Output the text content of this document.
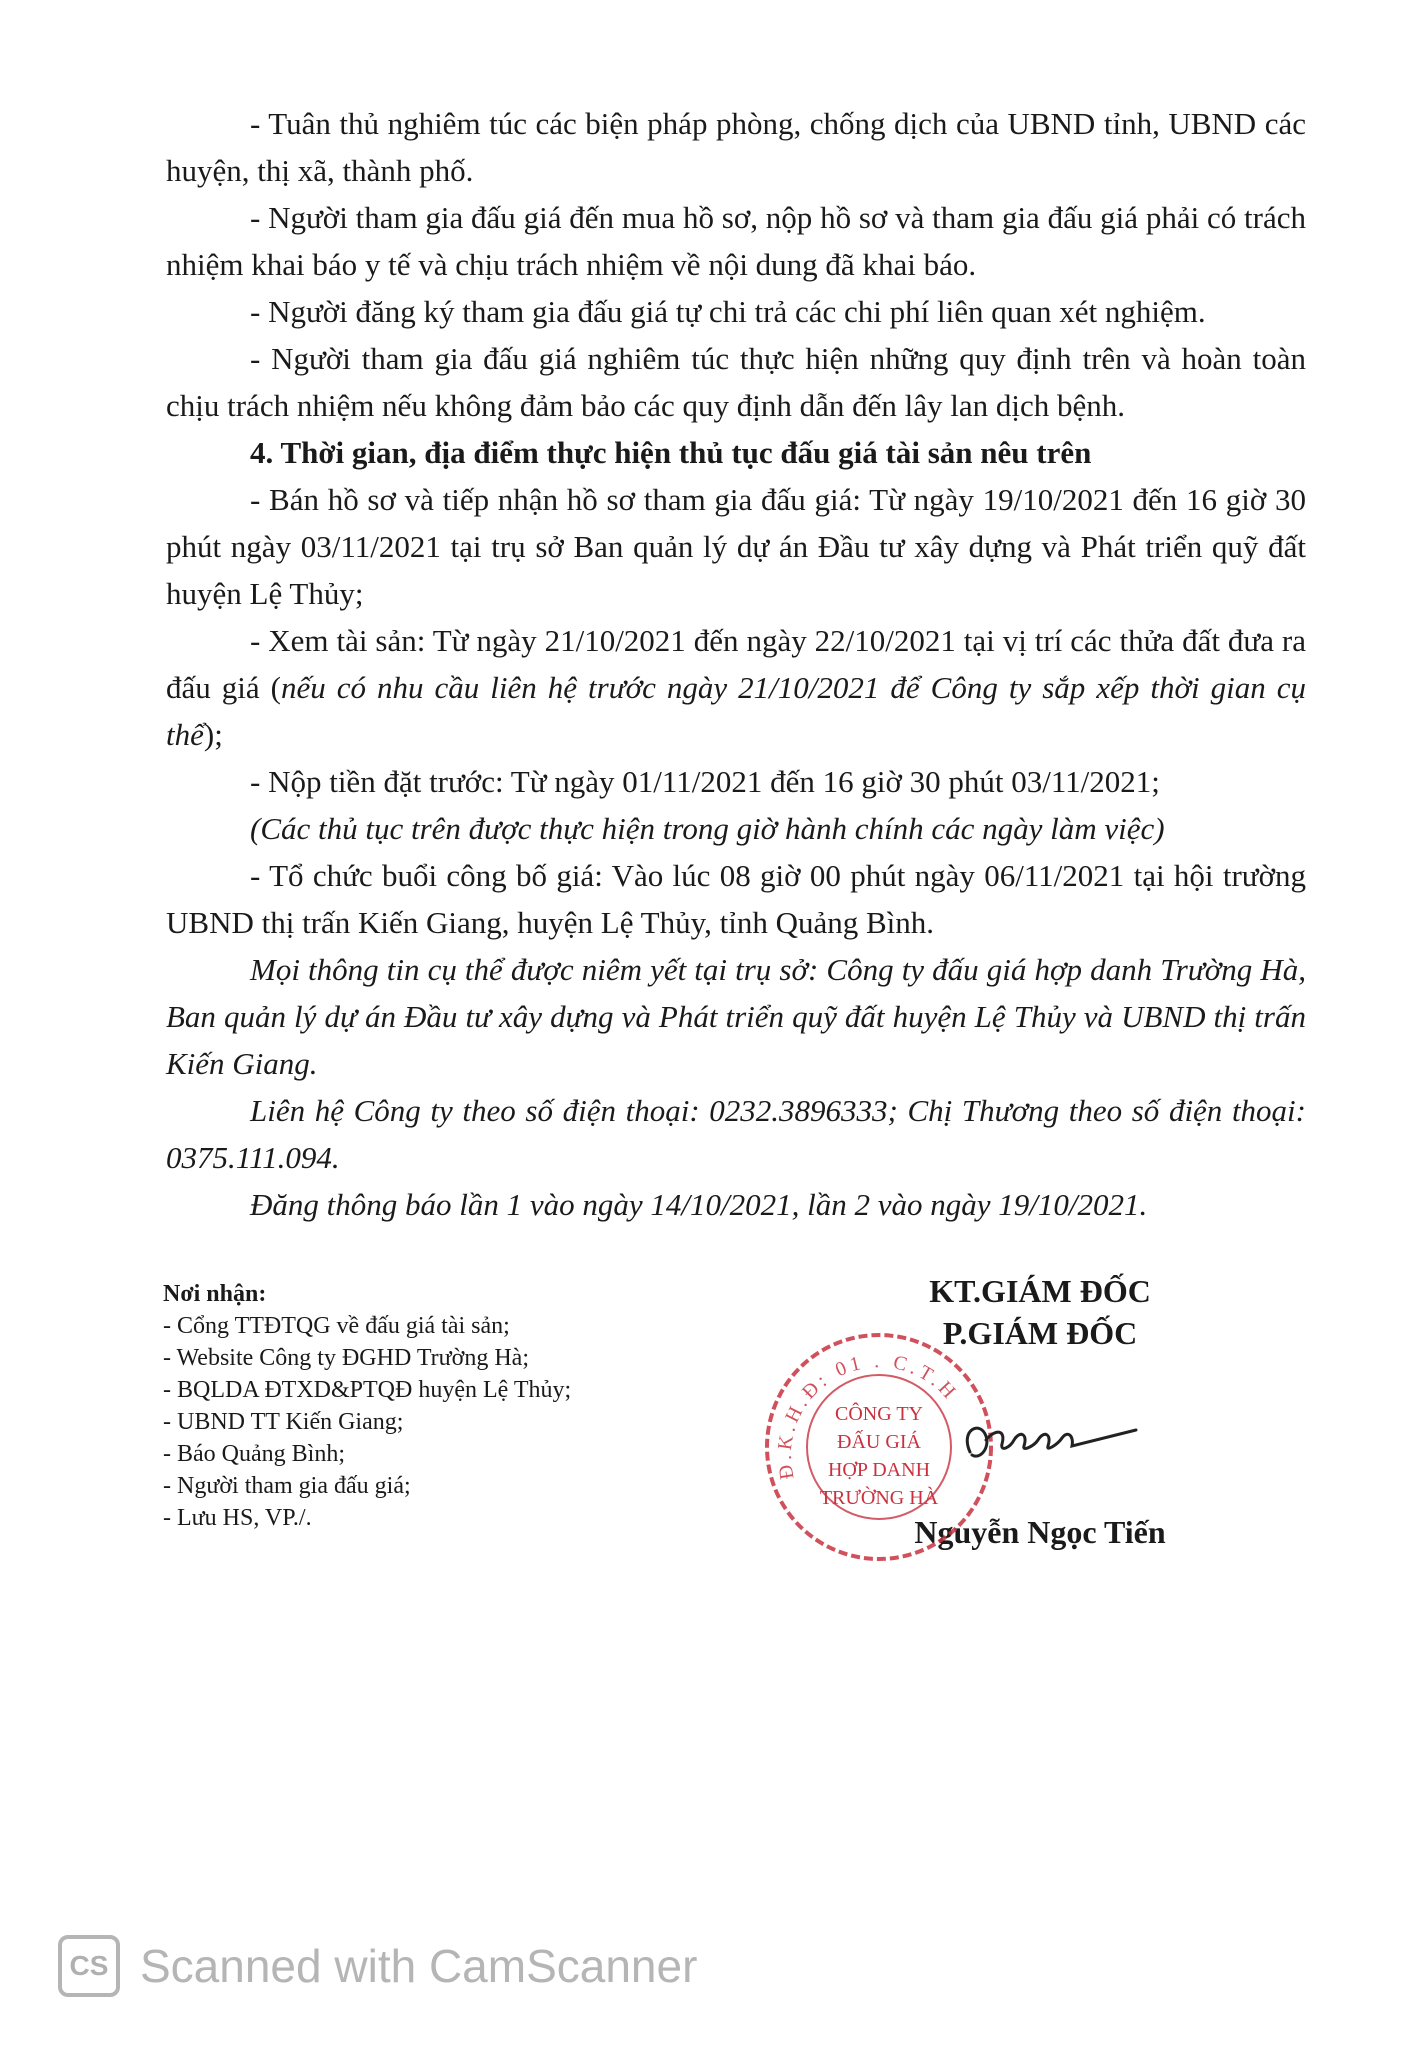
- Tuân thủ nghiêm túc các biện pháp phòng, chống dịch của UBND tỉnh, UBND các huyện, thị xã, thành phố.

- Người tham gia đấu giá đến mua hồ sơ, nộp hồ sơ và tham gia đấu giá phải có trách nhiệm khai báo y tế và chịu trách nhiệm về nội dung đã khai báo.

- Người đăng ký tham gia đấu giá tự chi trả các chi phí liên quan xét nghiệm.

- Người tham gia đấu giá nghiêm túc thực hiện những quy định trên và hoàn toàn chịu trách nhiệm nếu không đảm bảo các quy định dẫn đến lây lan dịch bệnh.

4. Thời gian, địa điểm thực hiện thủ tục đấu giá tài sản nêu trên

- Bán hồ sơ và tiếp nhận hồ sơ tham gia đấu giá: Từ ngày 19/10/2021 đến 16 giờ 30 phút ngày 03/11/2021 tại trụ sở Ban quản lý dự án Đầu tư xây dựng và Phát triển quỹ đất huyện Lệ Thủy;

- Xem tài sản: Từ ngày 21/10/2021 đến ngày 22/10/2021 tại vị trí các thửa đất đưa ra đấu giá (nếu có nhu cầu liên hệ trước ngày 21/10/2021 để Công ty sắp xếp thời gian cụ thể);

- Nộp tiền đặt trước: Từ ngày 01/11/2021 đến 16 giờ 30 phút 03/11/2021;

(Các thủ tục trên được thực hiện trong giờ hành chính các ngày làm việc)

- Tổ chức buổi công bố giá: Vào lúc 08 giờ 00 phút ngày 06/11/2021 tại hội trường UBND thị trấn Kiến Giang, huyện Lệ Thủy, tỉnh Quảng Bình.

Mọi thông tin cụ thể được niêm yết tại trụ sở: Công ty đấu giá hợp danh Trường Hà, Ban quản lý dự án Đầu tư xây dựng và Phát triển quỹ đất huyện Lệ Thủy và UBND thị trấn Kiến Giang.

Liên hệ Công ty theo số điện thoại: 0232.3896333; Chị Thương theo số điện thoại: 0375.111.094.

Đăng thông báo lần 1 vào ngày 14/10/2021, lần 2 vào ngày 19/10/2021.

Nơi nhận:
- Cổng TTĐTQG về đấu giá tài sản;
- Website Công ty ĐGHD Trường Hà;
- BQLDA ĐTXD&PTQĐ huyện Lệ Thủy;
- UBND TT Kiến Giang;
- Báo Quảng Bình;
- Người tham gia đấu giá;
- Lưu HS, VP./.
KT.GIÁM ĐỐC
P.GIÁM ĐỐC
Nguyễn Ngọc Tiến
Đ.K.H.Đ: 01 . C.T.H
CÔNG TY
ĐẤU GIÁ
HỢP DANH
TRƯỜNG HÀ
CS Scanned with CamScanner
